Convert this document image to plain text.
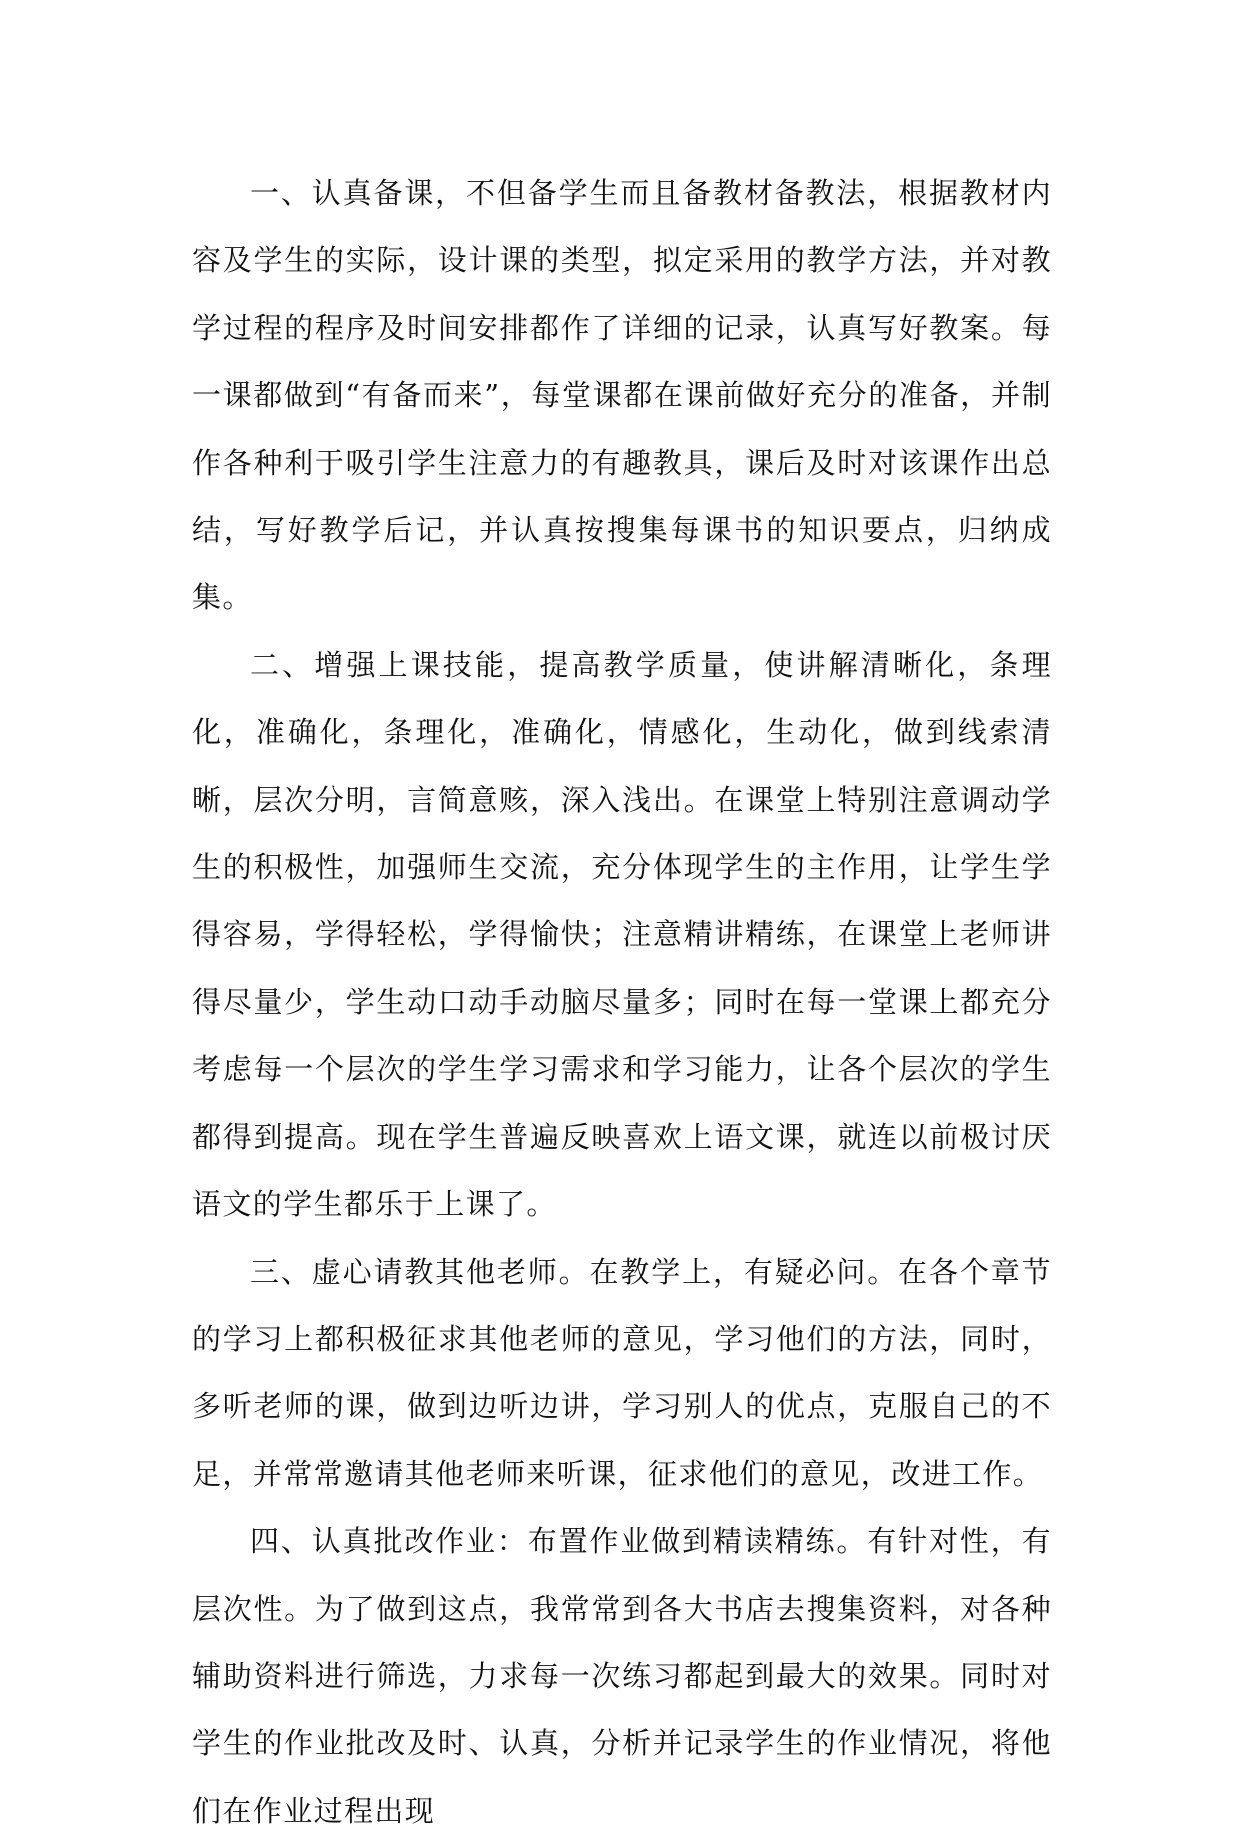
一、认真备课，不但备学生而且备教材备教法，根据教材内容及学生的实际，设计课的类型，拟定采用的教学方法，并对教学过程的程序及时间安排都作了详细的记录，认真写好教案。每一课都做到“有备而来”，每堂课都在课前做好充分的准备，并制作各种利于吸引学生注意力的有趣教具，课后及时对该课作出总结，写好教学后记，并认真按搜集每课书的知识要点，归纳成集。

二、增强上课技能，提高教学质量，使讲解清晰化，条理化，准确化，条理化，准确化，情感化，生动化，做到线索清晰，层次分明，言简意赅，深入浅出。在课堂上特别注意调动学生的积极性，加强师生交流，充分体现学生的主作用，让学生学得容易，学得轻松，学得愉快；注意精讲精练，在课堂上老师讲得尽量少，学生动口动手动脑尽量多；同时在每一堂课上都充分考虑每一个层次的学生学习需求和学习能力，让各个层次的学生都得到提高。现在学生普遍反映喜欢上语文课，就连以前极讨厌语文的学生都乐于上课了。

三、虚心请教其他老师。在教学上，有疑必问。在各个章节的学习上都积极征求其他老师的意见，学习他们的方法，同时，多听老师的课，做到边听边讲，学习别人的优点，克服自己的不足，并常常邀请其他老师来听课，征求他们的意见，改进工作。

四、认真批改作业：布置作业做到精读精练。有针对性，有层次性。为了做到这点，我常常到各大书店去搜集资料，对各种辅助资料进行筛选，力求每一次练习都起到最大的效果。同时对学生的作业批改及时、认真，分析并记录学生的作业情况，将他们在作业过程出现
